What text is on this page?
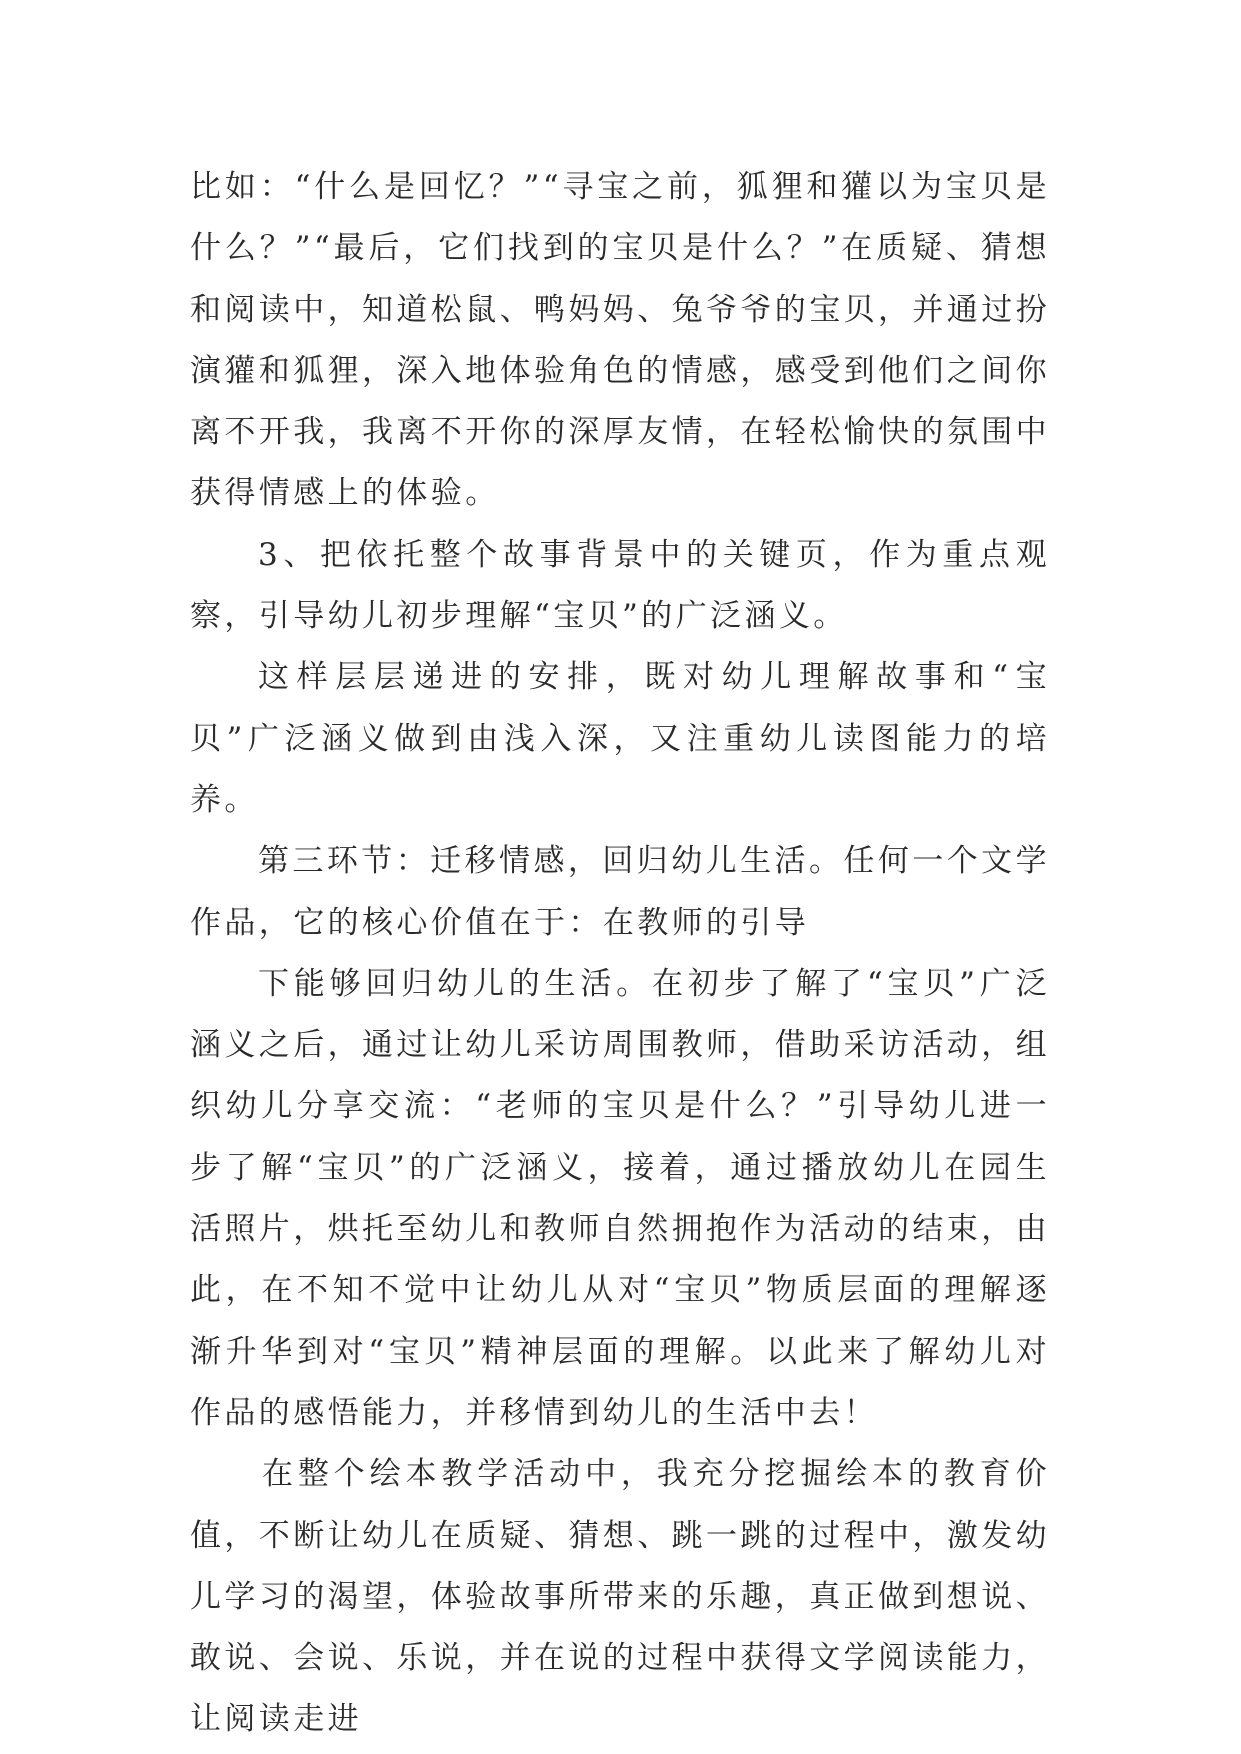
比如：“什么是回忆？”“寻宝之前，狐狸和獾以为宝贝是什么？”“最后，它们找到的宝贝是什么？”在质疑、猜想和阅读中，知道松鼠、鸭妈妈、兔爷爷的宝贝，并通过扮演獾和狐狸，深入地体验角色的情感，感受到他们之间你离不开我，我离不开你的深厚友情，在轻松愉快的氛围中获得情感上的体验。

3、把依托整个故事背景中的关键页，作为重点观察，引导幼儿初步理解“宝贝”的广泛涵义。

这样层层递进的安排，既对幼儿理解故事和“宝贝”广泛涵义做到由浅入深，又注重幼儿读图能力的培养。

第三环节：迁移情感，回归幼儿生活。任何一个文学作品，它的核心价值在于：在教师的引导

下能够回归幼儿的生活。在初步了解了“宝贝”广泛涵义之后，通过让幼儿采访周围教师，借助采访活动，组织幼儿分享交流：“老师的宝贝是什么？”引导幼儿进一步了解“宝贝”的广泛涵义，接着，通过播放幼儿在园生活照片，烘托至幼儿和教师自然拥抱作为活动的结束，由此，在不知不觉中让幼儿从对“宝贝”物质层面的理解逐渐升华到对“宝贝”精神层面的理解。以此来了解幼儿对作品的感悟能力，并移情到幼儿的生活中去！

在整个绘本教学活动中，我充分挖掘绘本的教育价值，不断让幼儿在质疑、猜想、跳一跳的过程中，激发幼儿学习的渴望，体验故事所带来的乐趣，真正做到想说、敢说、会说、乐说，并在说的过程中获得文学阅读能力，让阅读走进
